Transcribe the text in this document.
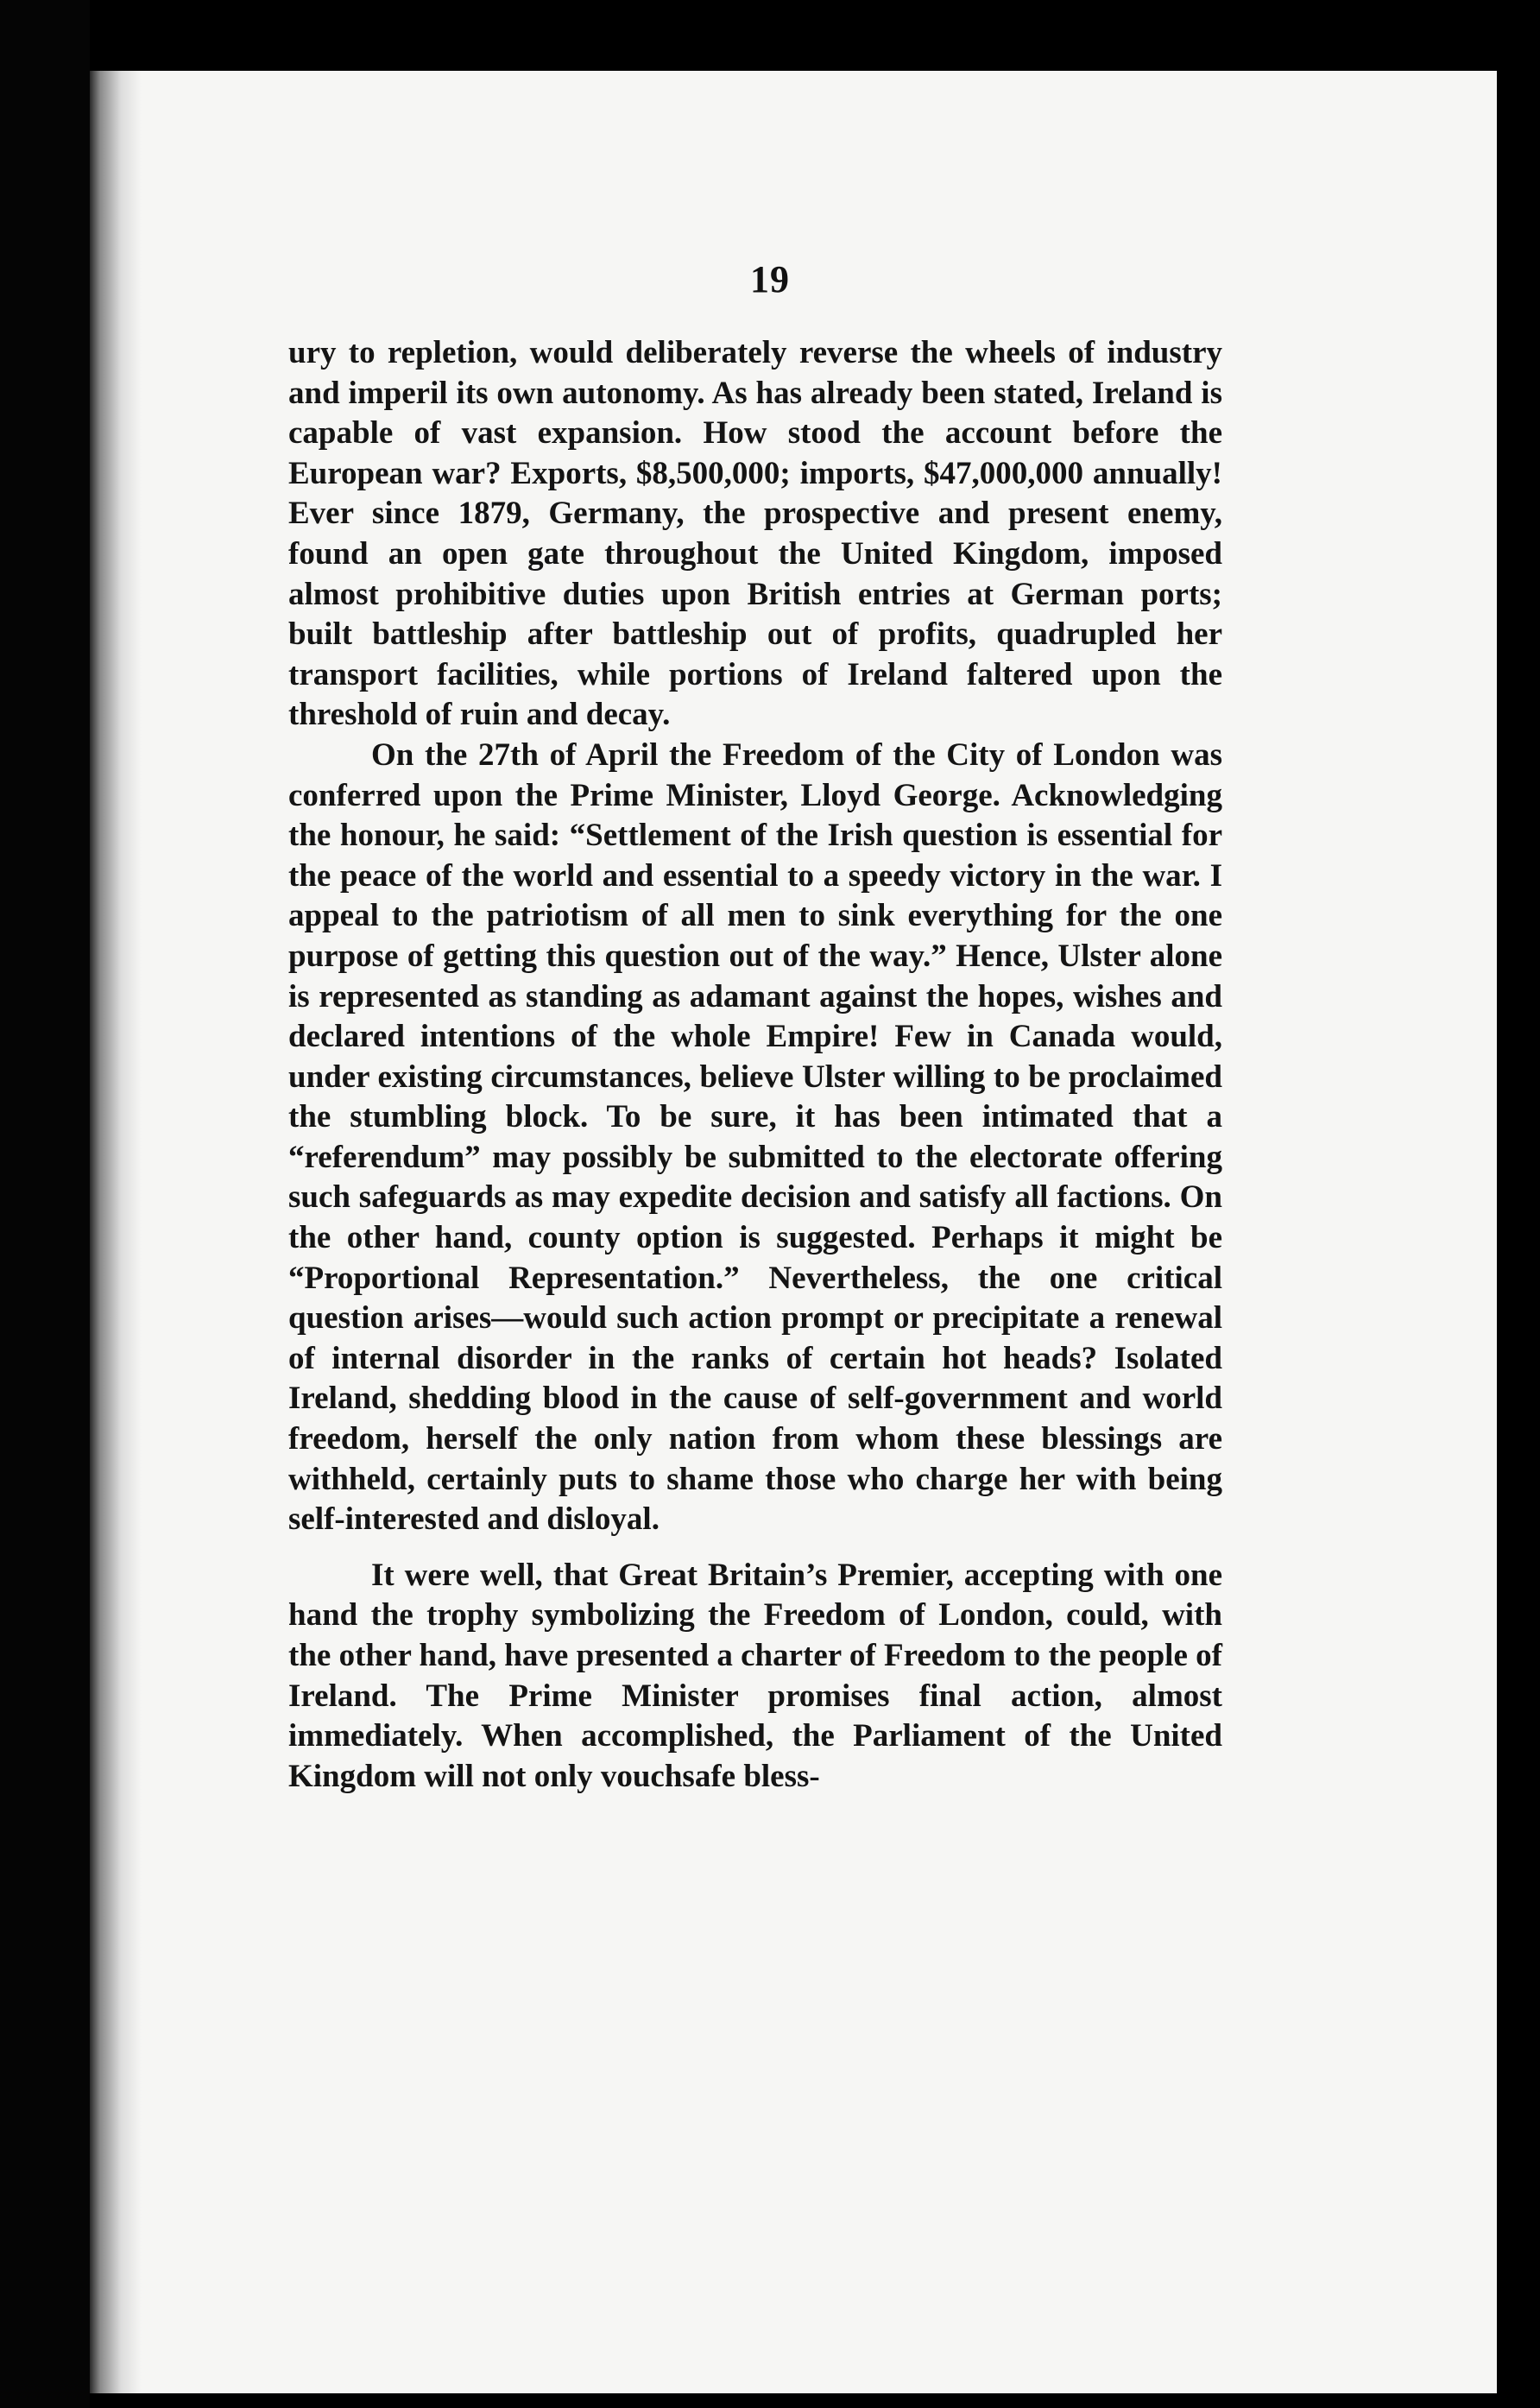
19

ury to repletion, would deliberately reverse the wheels of industry and imperil its own autonomy. As has already been stated, Ireland is capable of vast expansion. How stood the account before the European war? Exports, $8,500,000; imports, $47,000,000 annually! Ever since 1879, Germany, the prospective and present enemy, found an open gate throughout the United Kingdom, imposed almost prohibitive duties upon British entries at German ports; built battleship after battleship out of profits, quadrupled her transport facilities, while portions of Ireland faltered upon the threshold of ruin and decay.

On the 27th of April the Freedom of the City of London was conferred upon the Prime Minister, Lloyd George. Acknowledging the honour, he said: “Settlement of the Irish question is essential for the peace of the world and essential to a speedy victory in the war. I appeal to the patriotism of all men to sink everything for the one purpose of getting this question out of the way.” Hence, Ulster alone is represented as standing as adamant against the hopes, wishes and declared intentions of the whole Empire! Few in Canada would, under existing circumstances, believe Ulster willing to be proclaimed the stumbling block. To be sure, it has been intimated that a “referendum” may possibly be submitted to the electorate offering such safeguards as may expedite decision and satisfy all factions. On the other hand, county option is suggested. Perhaps it might be “Proportional Representation.” Nevertheless, the one critical question arises—would such action prompt or precipitate a renewal of internal disorder in the ranks of certain hot heads? Isolated Ireland, shedding blood in the cause of self-government and world freedom, herself the only nation from whom these blessings are withheld, certainly puts to shame those who charge her with being self-interested and disloyal.

It were well, that Great Britain’s Premier, accepting with one hand the trophy symbolizing the Freedom of London, could, with the other hand, have presented a charter of Freedom to the people of Ireland. The Prime Minister promises final action, almost immediately. When accomplished, the Parliament of the United Kingdom will not only vouchsafe bless-
